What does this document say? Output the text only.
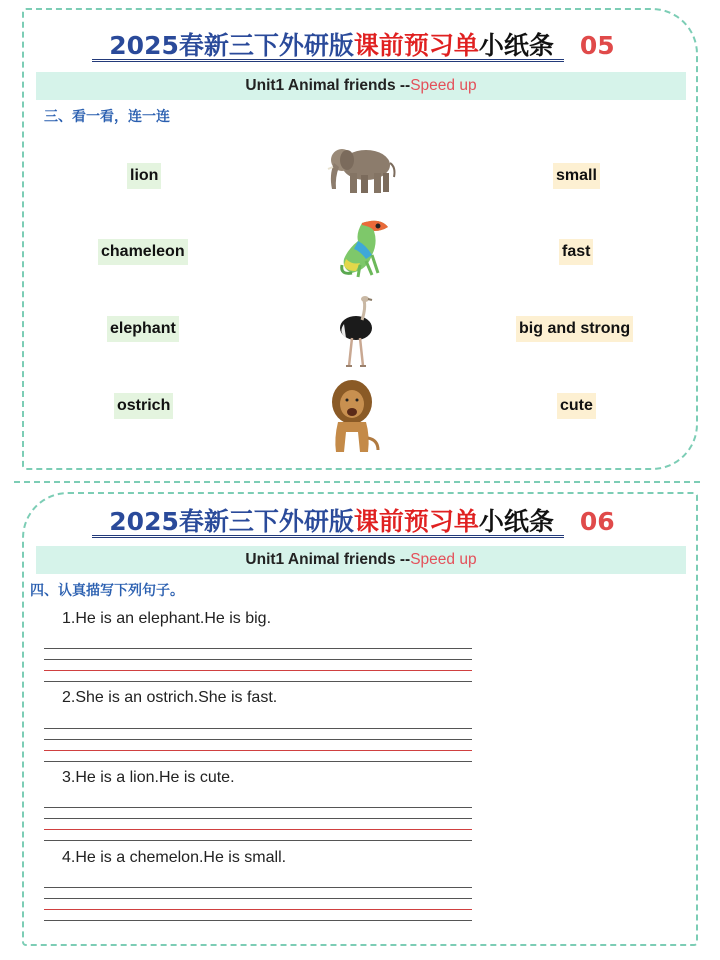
2025春新三下外研版课前预习单小纸条 05
Unit1 Animal friends --Speed up
三、看一看，连一连
lion
chameleon
elephant
ostrich
small
fast
big and strong
cute
2025春新三下外研版课前预习单小纸条 06
Unit1 Animal friends --Speed up
四、认真描写下列句子。
1.He is an elephant.He is big.
2.She is an ostrich.She is fast.
3.He is a lion.He is cute.
4.He is a chemelon.He is small.
